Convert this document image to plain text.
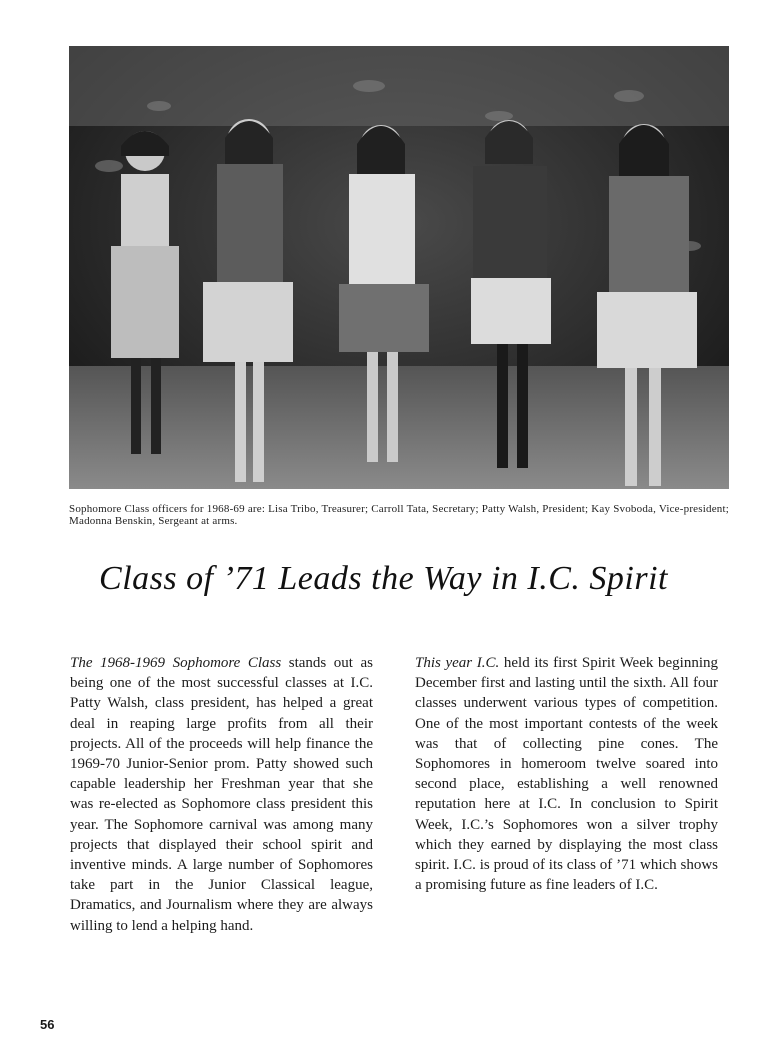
Sophomore Class officers for 1968-69 are: Lisa Tribo, Treasurer; Carroll Tata, Secretary; Patty Walsh, President; Kay Svoboda, Vice-president; Madonna Benskin, Sergeant at arms.
Class of ’71 Leads the Way in I.C. Spirit
The 1968-1969 Sophomore Class stands out as being one of the most successful classes at I.C. Patty Walsh, class president, has helped a great deal in reaping large profits from all their projects. All of the proceeds will help finance the 1969-70 Junior-Senior prom. Patty showed such capable leadership her Freshman year that she was re-elected as Sophomore class president this year. The Sophomore carnival was among many projects that displayed their school spirit and inventive minds. A large number of Sophomores take part in the Junior Classical league, Dramatics, and Journalism where they are always willing to lend a helping hand.
This year I.C. held its first Spirit Week beginning December first and lasting until the sixth. All four classes underwent various types of competition. One of the most important contests of the week was that of collecting pine cones. The Sophomores in homeroom twelve soared into second place, establishing a well renowned reputation here at I.C. In conclusion to Spirit Week, I.C.’s Sophomores won a silver trophy which they earned by displaying the most class spirit. I.C. is proud of its class of ’71 which shows a promising future as fine leaders of I.C.
56
